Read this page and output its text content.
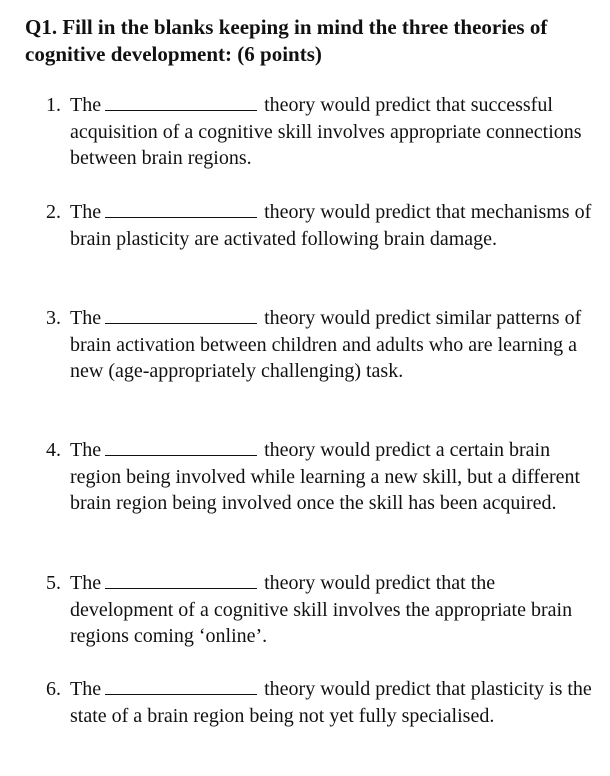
Q1. Fill in the blanks keeping in mind the three theories of cognitive development: (6 points)
1. The	theory would predict that successful acquisition of a cognitive skill involves appropriate connections between brain regions.
2. The	theory would predict that mechanisms of brain plasticity are activated following brain damage.
3. The	theory would predict similar patterns of brain activation between children and adults who are learning a new (age-appropriately challenging) task.
4. The	theory would predict a certain brain region being involved while learning a new skill, but a different brain region being involved once the skill has been acquired.
5. The	theory would predict that the development of a cognitive skill involves the appropriate brain regions coming ‘online’.
6. The	theory would predict that plasticity is the state of a brain region being not yet fully specialised.
